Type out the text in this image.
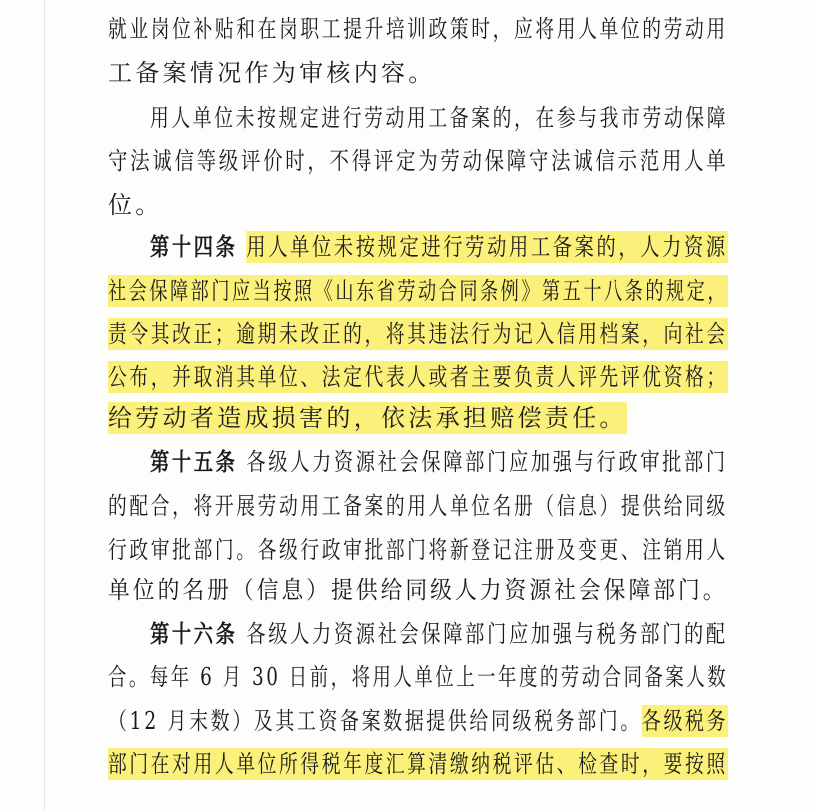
就业岗位补贴和在岗职工提升培训政策时，应将用人单位的劳动用
工备案情况作为审核内容。
用人单位未按规定进行劳动用工备案的，在参与我市劳动保障
守法诚信等级评价时，不得评定为劳动保障守法诚信示范用人单
位。
第十四条 用人单位未按规定进行劳动用工备案的，人力资源
社会保障部门应当按照《山东省劳动合同条例》第五十八条的规定，
责令其改正；逾期未改正的，将其违法行为记入信用档案，向社会
公布，并取消其单位、法定代表人或者主要负责人评先评优资格；
给劳动者造成损害的，依法承担赔偿责任。
第十五条 各级人力资源社会保障部门应加强与行政审批部门
的配合，将开展劳动用工备案的用人单位名册（信息）提供给同级
行政审批部门。各级行政审批部门将新登记注册及变更、注销用人
单位的名册（信息）提供给同级人力资源社会保障部门。
第十六条 各级人力资源社会保障部门应加强与税务部门的配
合。每年 6 月 30 日前，将用人单位上一年度的劳动合同备案人数
（12 月末数）及其工资备案数据提供给同级税务部门。各级税务
部门在对用人单位所得税年度汇算清缴纳税评估、检查时，要按照
